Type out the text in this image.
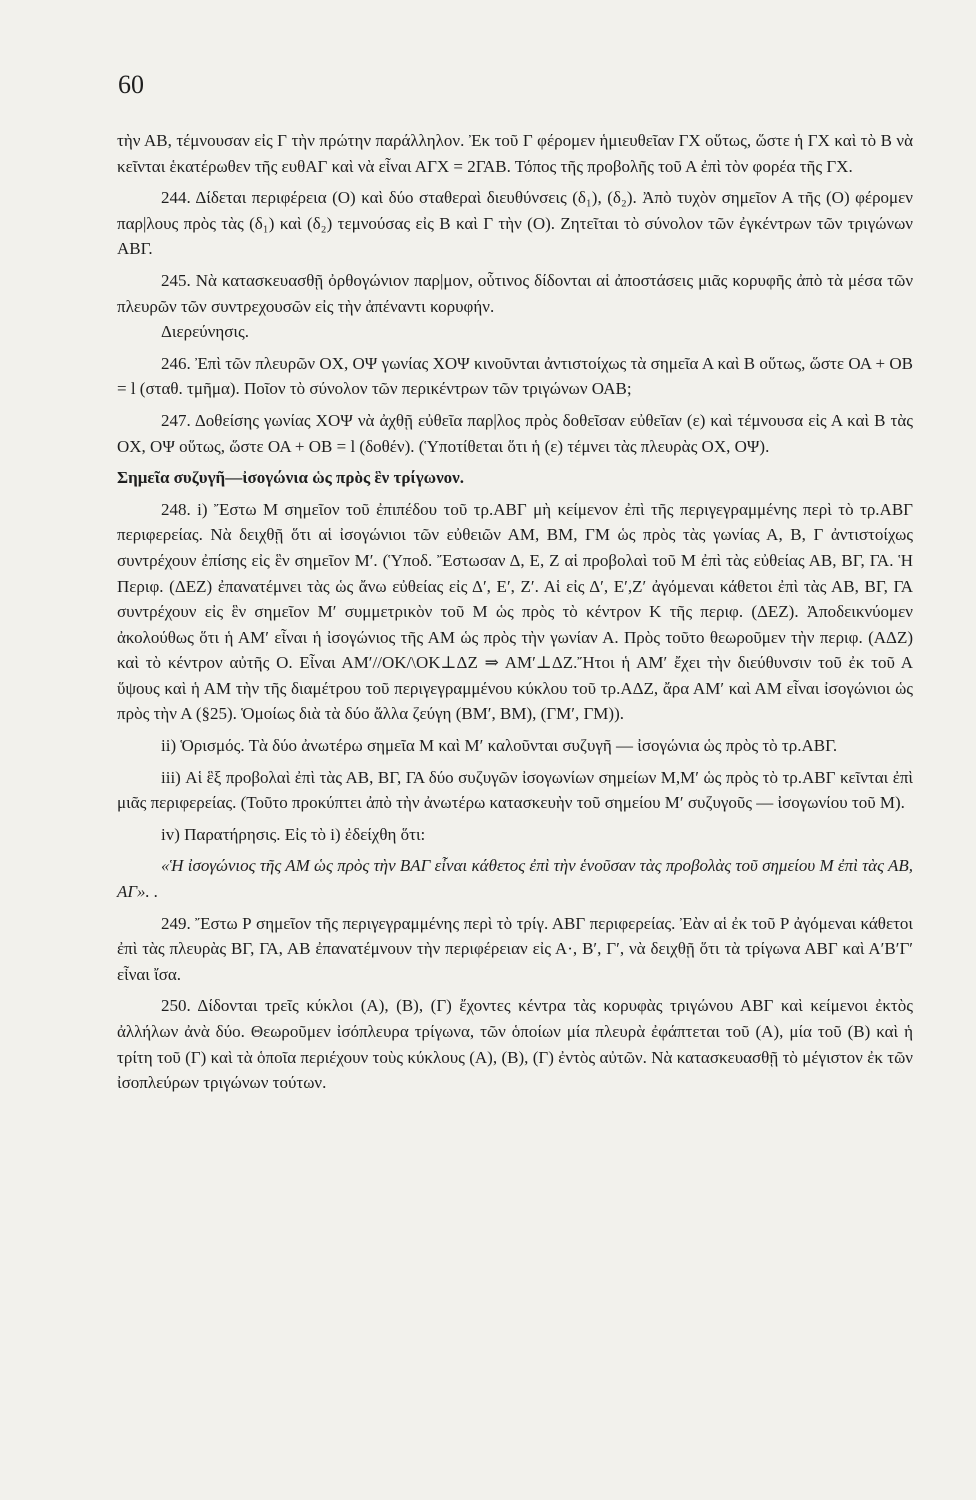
60

τὴν ΑΒ, τέμνουσαν εἰς Γ τὴν πρώτην παράλληλον. Ἐκ τοῦ Γ φέρομεν ἡμιευθεῖαν ΓΧ οὕτως, ὥστε ἡ ΓΧ καὶ τὸ Β νὰ κεῖνται ἑκατέρωθεν τῆς ευθΑΓ καὶ νὰ εἶναι ΑΓΧ = 2ΓΑΒ. Τόπος τῆς προβολῆς τοῦ Α ἐπὶ τὸν φορέα τῆς ΓΧ.

244. Δίδεται περιφέρεια (Ο) καὶ δύο σταθεραὶ διευθύνσεις (δ₁), (δ₂). Ἀπὸ τυχὸν σημεῖον Α τῆς (Ο) φέρομεν παρ|λους πρὸς τὰς (δ₁) καὶ (δ₂) τεμνούσας εἰς Β καὶ Γ τὴν (Ο). Ζητεῖται τὸ σύνολον τῶν ἐγκέντρων τῶν τριγώνων ΑΒΓ.

245. Νὰ κατασκευασθῇ ὀρθογώνιον παρ|μον, οὗτινος δίδονται αἱ ἀποστάσεις μιᾶς κορυφῆς ἀπὸ τὰ μέσα τῶν πλευρῶν τῶν συντρεχουσῶν εἰς τὴν ἀπέναντι κορυφήν.

Διερεύνησις.

246. Ἐπὶ τῶν πλευρῶν ΟΧ, ΟΨ γωνίας ΧΟΨ κινοῦνται ἀντιστοίχως τὰ σημεῖα Α καὶ Β οὕτως, ὥστε ΟΑ + ΟΒ = l (σταθ. τμῆμα). Ποῖον τὸ σύνολον τῶν περικέντρων τῶν τριγώνων ΟΑΒ;

247. Δοθείσης γωνίας ΧΟΨ νὰ ἀχθῇ εὐθεῖα παρ|λος πρὸς δοθεῖσαν εὐθεῖαν (ε) καὶ τέμνουσα εἰς Α καὶ Β τὰς ΟΧ, ΟΨ οὕτως, ὥστε ΟΑ + ΟΒ = l (δοθέν). (Ὑποτίθεται ὅτι ἡ (ε) τέμνει τὰς πλευρὰς ΟΧ, ΟΨ).

Σημεῖα συζυγῆ—ἰσογώνια ὡς πρὸς ἓν τρίγωνον.

248. i) Ἔστω Μ σημεῖον τοῦ ἐπιπέδου τοῦ τρ.ΑΒΓ μὴ κείμενον ἐπὶ τῆς περιγεγραμμένης περὶ τὸ τρ.ΑΒΓ περιφερείας. Νὰ δειχθῇ ὅτι αἱ ἰσογώνιοι τῶν εὐθειῶν ΑΜ, ΒΜ, ΓΜ ὡς πρὸς τὰς γωνίας Α, Β, Γ ἀντιστοίχως συντρέχουν ἐπίσης εἰς ἓν σημεῖον Μ′. (Ὑποδ. Ἔστωσαν Δ, Ε, Ζ αἱ προβολαὶ τοῦ Μ ἐπὶ τὰς εὐθείας ΑΒ, ΒΓ, ΓΑ. Ἡ Περιφ. (ΔΕΖ) ἐπανατέμνει τὰς ὡς ἄνω εὐθείας εἰς Δ′, Ε′, Ζ′. Αἱ εἰς Δ′, Ε′,Ζ′ ἀγόμεναι κάθετοι ἐπὶ τὰς ΑΒ, ΒΓ, ΓΑ συντρέχουν εἰς ἓν σημεῖον Μ′ συμμετρικὸν τοῦ Μ ὡς πρὸς τὸ κέντρον Κ τῆς περιφ. (ΔΕΖ). Ἀποδεικνύομεν ἀκολούθως ὅτι ἡ ΑΜ′ εἶναι ἡ ἰσογώνιος τῆς ΑΜ ὡς πρὸς τὴν γωνίαν Α. Πρὸς τοῦτο θεωροῦμεν τὴν περιφ. (ΑΔΖ) καὶ τὸ κέντρον αὐτῆς Ο. Εἶναι ΑΜ′//ΟΚ/\ΟΚ⊥ΔΖ ⇒ ΑΜ′⊥ΔΖ.Ἤτοι ἡ ΑΜ′ ἔχει τὴν διεύθυνσιν τοῦ ἐκ τοῦ Α ὕψους καὶ ἡ ΑΜ τὴν τῆς διαμέτρου τοῦ περιγεγραμμένου κύκλου τοῦ τρ.ΑΔΖ, ἄρα ΑΜ′ καὶ ΑΜ εἶναι ἰσογώνιοι ὡς πρὸς τὴν Α (§25). Ὁμοίως διὰ τὰ δύο ἄλλα ζεύγη (ΒΜ′, ΒΜ), (ΓΜ′, ΓΜ)).

ii) Ὁρισμός. Τὰ δύο ἀνωτέρω σημεῖα Μ καὶ Μ′ καλοῦνται συζυγῆ — ἰσογώνια ὡς πρὸς τὸ τρ.ΑΒΓ.

iii) Αἱ ἓξ προβολαὶ ἐπὶ τὰς ΑΒ, ΒΓ, ΓΑ δύο συζυγῶν ἰσογωνίων σημείων Μ,Μ′ ὡς πρὸς τὸ τρ.ΑΒΓ κεῖνται ἐπὶ μιᾶς περιφερείας. (Τοῦτο προκύπτει ἀπὸ τὴν ἀνωτέρω κατασκευὴν τοῦ σημείου Μ′ συζυγοῦς — ἰσογωνίου τοῦ Μ).

iv) Παρατήρησις. Εἰς τὸ i) ἐδείχθη ὅτι:

«Ἡ ἰσογώνιος τῆς ΑΜ ὡς πρὸς τὴν ΒΑΓ εἶναι κάθετος ἐπὶ τὴν ἑνοῦσαν τὰς προβολὰς τοῦ σημείου Μ ἐπὶ τὰς ΑΒ, ΑΓ». .

249. Ἔστω Ρ σημεῖον τῆς περιγεγραμμένης περὶ τὸ τρίγ. ΑΒΓ περιφερείας. Ἐὰν αἱ ἐκ τοῦ Ρ ἀγόμεναι κάθετοι ἐπὶ τὰς πλευρὰς ΒΓ, ΓΑ, ΑΒ ἐπανατέμνουν τὴν περιφέρειαν εἰς Α·, Β′, Γ′, νὰ δειχθῇ ὅτι τὰ τρίγωνα ΑΒΓ καὶ Α′Β′Γ′ εἶναι ἴσα.

250. Δίδονται τρεῖς κύκλοι (Α), (Β), (Γ) ἔχοντες κέντρα τὰς κορυφὰς τριγώνου ΑΒΓ καὶ κείμενοι ἐκτὸς ἀλλήλων ἀνὰ δύο. Θεωροῦμεν ἰσόπλευρα τρίγωνα, τῶν ὁποίων μία πλευρὰ ἐφάπτεται τοῦ (Α), μία τοῦ (Β) καὶ ἡ τρίτη τοῦ (Γ) καὶ τὰ ὁποῖα περιέχουν τοὺς κύκλους (Α), (Β), (Γ) ἐντὸς αὐτῶν. Νὰ κατασκευασθῇ τὸ μέγιστον ἐκ τῶν ἰσοπλεύρων τριγώνων τούτων.
